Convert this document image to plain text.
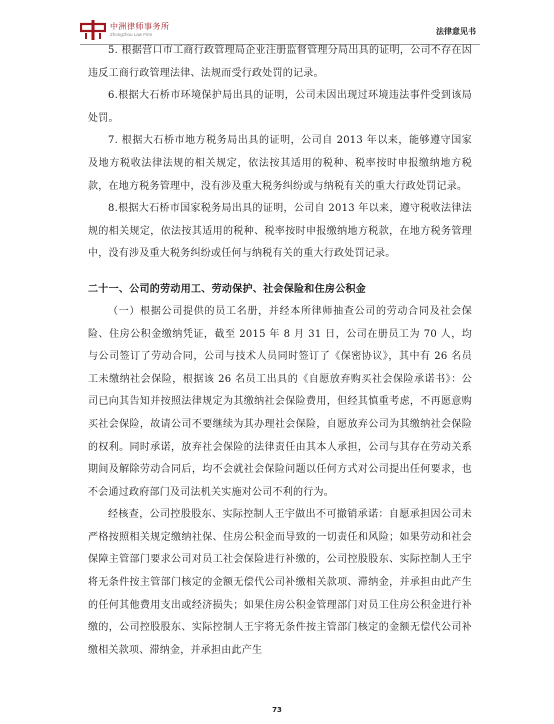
中洲律师事务所
Zhongzhou Law Firm	法律意见书

5. 根据营口市工商行政管理局企业注册监督管理分局出具的证明，公司不存在因违反工商行政管理法律、法规而受行政处罚的记录。

6.根据大石桥市环境保护局出具的证明，公司未因出现过环境违法事件受到该局处罚。

7. 根据大石桥市地方税务局出具的证明，公司自 2013 年以来，能够遵守国家及地方税收法律法规的相关规定，依法按其适用的税种、税率按时申报缴纳地方税款，在地方税务管理中，没有涉及重大税务纠纷或与纳税有关的重大行政处罚记录。

8.根据大石桥市国家税务局出具的证明，公司自 2013 年以来，遵守税收法律法规的相关规定，依法按其适用的税种、税率按时申报缴纳地方税款，在地方税务管理中，没有涉及重大税务纠纷或任何与纳税有关的重大行政处罚记录。

二十一、公司的劳动用工、劳动保护、社会保险和住房公积金

（一）根据公司提供的员工名册，并经本所律师抽查公司的劳动合同及社会保险、住房公积金缴纳凭证，截至 2015 年 8 月 31 日，公司在册员工为 70 人，均与公司签订了劳动合同，公司与技术人员同时签订了《保密协议》，其中有 26 名员工未缴纳社会保险，根据该 26 名员工出具的《自愿放弃购买社会保险承诺书》：公司已向其告知并按照法律规定为其缴纳社会保险费用，但经其慎重考虑，不再愿意购买社会保险，故请公司不要继续为其办理社会保险，自愿放弃公司为其缴纳社会保险的权利。同时承诺，放弃社会保险的法律责任由其本人承担，公司与其存在劳动关系期间及解除劳动合同后，均不会就社会保险问题以任何方式对公司提出任何要求，也不会通过政府部门及司法机关实施对公司不利的行为。

经核查，公司控股股东、实际控制人王宇做出不可撤销承诺：自愿承担因公司未严格按照相关规定缴纳社保、住房公积金而导致的一切责任和风险；如果劳动和社会保障主管部门要求公司对员工社会保险进行补缴的，公司控股股东、实际控制人王宇将无条件按主管部门核定的金额无偿代公司补缴相关款项、滞纳金，并承担由此产生的任何其他费用支出或经济损失；如果住房公积金管理部门对员工住房公积金进行补缴的，公司控股股东、实际控制人王宇将无条件按主管部门核定的金额无偿代公司补缴相关款项、滞纳金，并承担由此产生

73
